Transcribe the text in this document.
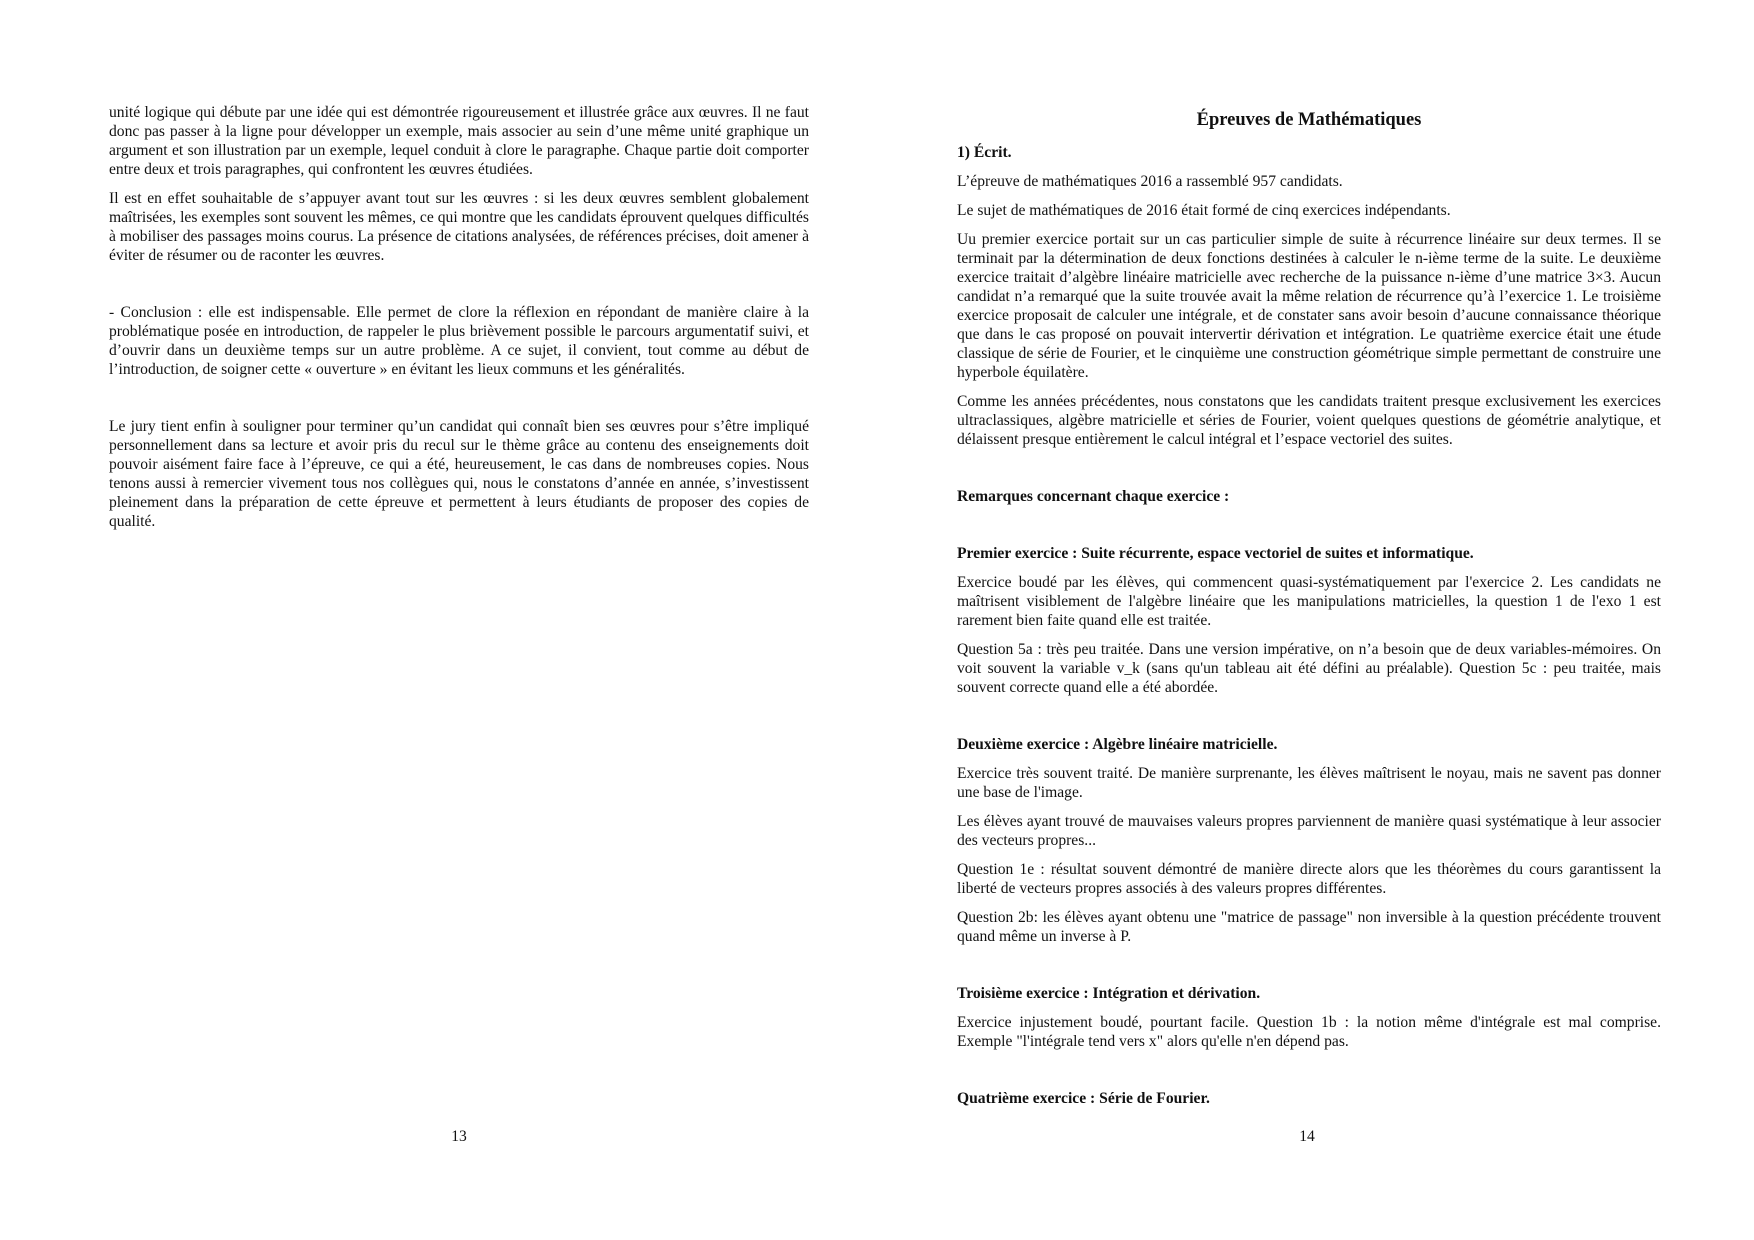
unité logique qui débute par une idée qui est démontrée rigoureusement et illustrée grâce aux œuvres. Il ne faut donc pas passer à la ligne pour développer un exemple, mais associer au sein d’une même unité graphique un argument et son illustration par un exemple, lequel conduit à clore le paragraphe. Chaque partie doit comporter entre deux et trois paragraphes, qui confrontent les œuvres étudiées.

Il est en effet souhaitable de s’appuyer avant tout sur les œuvres : si les deux œuvres semblent globalement maîtrisées, les exemples sont souvent les mêmes, ce qui montre que les candidats éprouvent quelques difficultés à mobiliser des passages moins courus. La présence de citations analysées, de références précises, doit amener à éviter de résumer ou de raconter les œuvres.

- Conclusion : elle est indispensable. Elle permet de clore la réflexion en répondant de manière claire à la problématique posée en introduction, de rappeler le plus brièvement possible le parcours argumentatif suivi, et d’ouvrir dans un deuxième temps sur un autre problème. A ce sujet, il convient, tout comme au début de l’introduction, de soigner cette « ouverture » en évitant les lieux communs et les généralités.

Le jury tient enfin à souligner pour terminer qu’un candidat qui connaît bien ses œuvres pour s’être impliqué personnellement dans sa lecture et avoir pris du recul sur le thème grâce au contenu des enseignements doit pouvoir aisément faire face à l’épreuve, ce qui a été, heureusement, le cas dans de nombreuses copies. Nous tenons aussi à remercier vivement tous nos collègues qui, nous le constatons d’année en année, s’investissent pleinement dans la préparation de cette épreuve et permettent à leurs étudiants de proposer des copies de qualité.

13
Épreuves de Mathématiques
1) Écrit.

L’épreuve de mathématiques 2016 a rassemblé 957 candidats.

Le sujet de mathématiques de 2016 était formé de cinq exercices indépendants.

Uu premier exercice portait sur un cas particulier simple de suite à récurrence linéaire sur deux termes. Il se terminait par la détermination de deux fonctions destinées à calculer le n-ième terme de la suite. Le deuxième exercice traitait d’algèbre linéaire matricielle avec recherche de la puissance n-ième d’une matrice 3×3. Aucun candidat n’a remarqué que la suite trouvée avait la même relation de récurrence qu’à l’exercice 1. Le troisième exercice proposait de calculer une intégrale, et de constater sans avoir besoin d’aucune connaissance théorique que dans le cas proposé on pouvait intervertir dérivation et intégration. Le quatrième exercice était une étude classique de série de Fourier, et le cinquième une construction géométrique simple permettant de construire une hyperbole équilatère.

Comme les années précédentes, nous constatons que les candidats traitent presque exclusivement les exercices ultraclassiques, algèbre matricielle et séries de Fourier, voient quelques questions de géométrie analytique, et délaissent presque entièrement le calcul intégral et l’espace vectoriel des suites.

Remarques concernant chaque exercice :
Premier exercice : Suite récurrente, espace vectoriel de suites et informatique.

Exercice boudé par les élèves, qui commencent quasi-systématiquement par l'exercice 2. Les candidats ne maîtrisent visiblement de l'algèbre linéaire que les manipulations matricielles, la question 1 de l'exo 1 est rarement bien faite quand elle est traitée.

Question 5a : très peu traitée. Dans une version impérative, on n’a besoin que de deux variables-mémoires. On voit souvent la variable v_k (sans qu'un tableau ait été défini au préalable). Question 5c : peu traitée, mais souvent correcte quand elle a été abordée.

Deuxième exercice : Algèbre linéaire matricielle.

Exercice très souvent traité. De manière surprenante, les élèves maîtrisent le noyau, mais ne savent pas donner une base de l'image.

Les élèves ayant trouvé de mauvaises valeurs propres parviennent de manière quasi systématique à leur associer des vecteurs propres...

Question 1e : résultat souvent démontré de manière directe alors que les théorèmes du cours garantissent la liberté de vecteurs propres associés à des valeurs propres différentes.

Question 2b: les élèves ayant obtenu une "matrice de passage" non inversible à la question précédente trouvent quand même un inverse à P.

Troisième exercice : Intégration et dérivation.

Exercice injustement boudé, pourtant facile. Question 1b : la notion même d'intégrale est mal comprise. Exemple "l'intégrale tend vers x" alors qu'elle n'en dépend pas.

Quatrième exercice : Série de Fourier.
14
